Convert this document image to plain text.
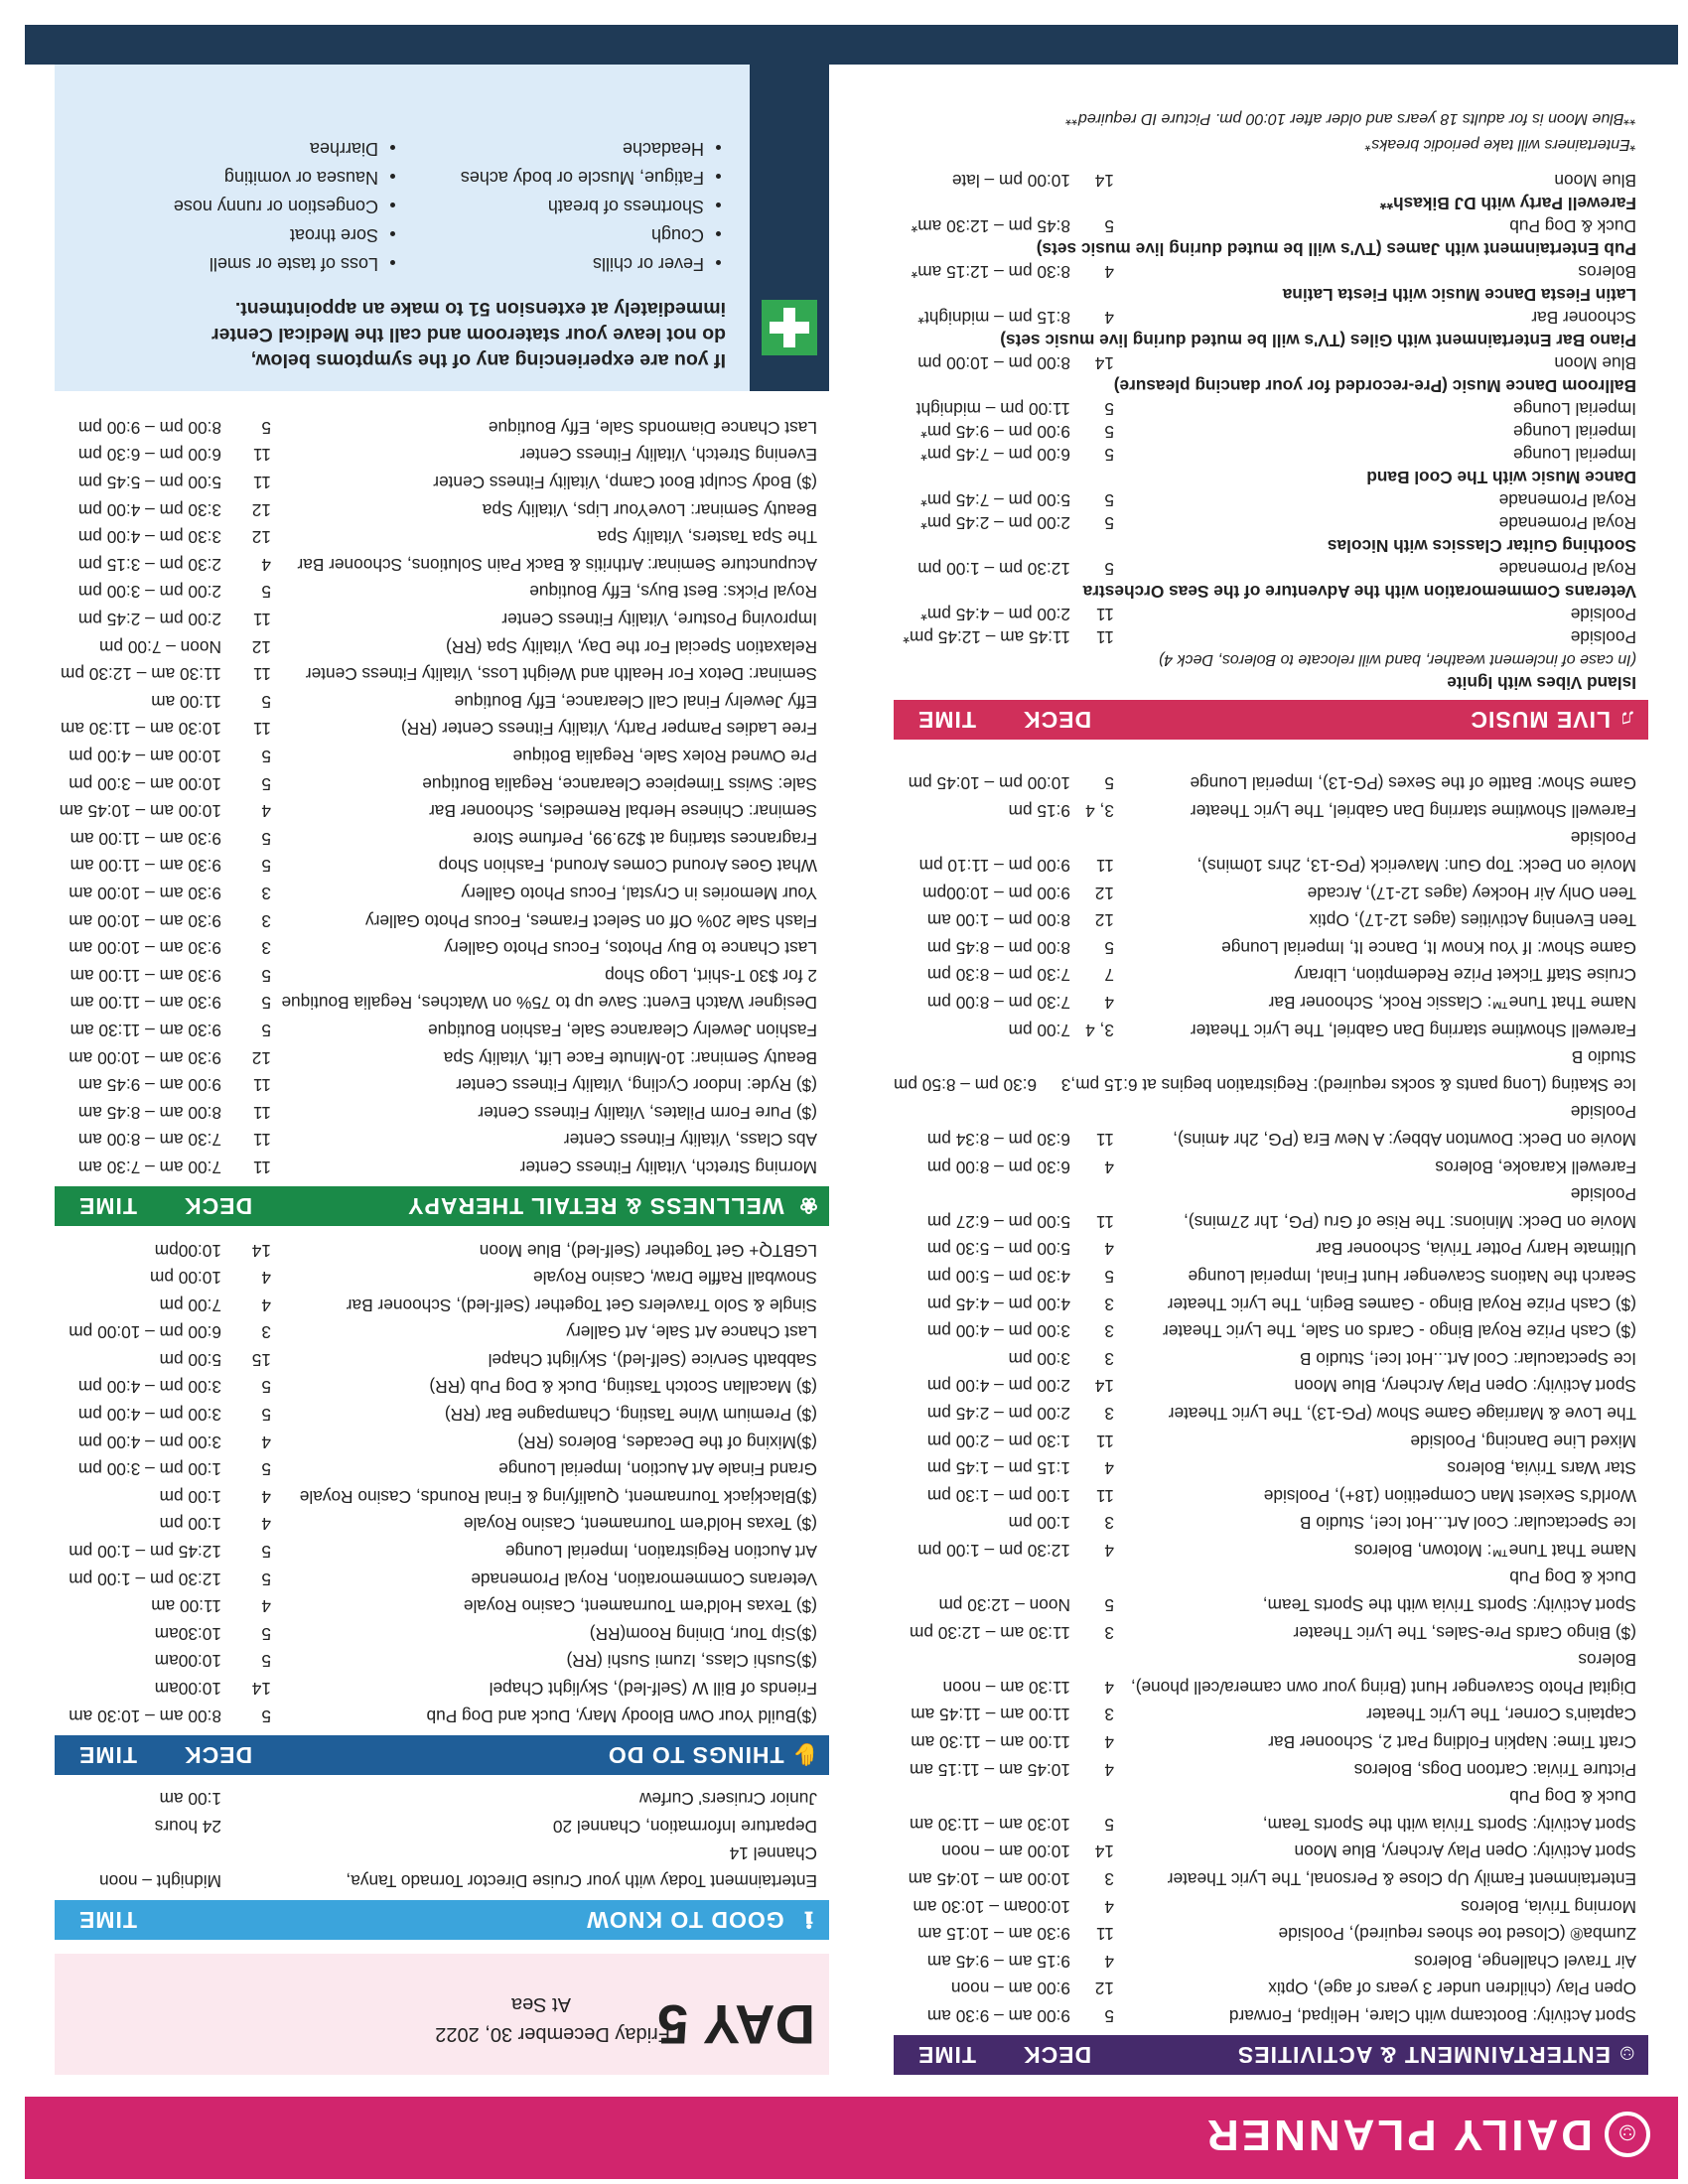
☺
DAILY PLANNER
DAY 5
Friday December 30, 2022
At Sea
ℹ GOOD TO KNOW
TIME
Entertainment Today with your Cruise Director Tornado Tanya,
Midnight – noon
Channel 14
Departure Information, Channel 20
24 hours
Junior Cruisers' Curfew
1:00 am
✋ THINGS TO DO
DECK
TIME
($)Build Your Own Bloody Mary, Duck and Dog Pub
5
8:00 am – 10:30 am
Friends of Bill W (Self-led), Skylight Chapel
14
10:00am
($)Sushi Class, Izumi Sushi (RR)
5
10:00am
($)Sip Tour, Dining Room(RR)
5
10:30am
($) Texas Hold'em Tournament, Casino Royale
4
11:00 am
Veterans Commemoration, Royal Promenade
5
12:30 pm – 1:00 pm
Art Auction Registration, Imperial Lounge
5
12:45 pm – 1:00 pm
($) Texas Hold'em Tournament, Casino Royale
4
1:00 pm
($)Blackjack Tournament, Qualifying & Final Rounds, Casino Royale
4
1:00 pm
Grand Finale Art Auction, Imperial Lounge
5
1:00 pm – 3:00 pm
($)Mixing of the Decades, Boleros (RR)
4
3:00 pm – 4:00 pm
($) Premium Wine Tasting, Champagne Bar (RR)
5
3:00 pm – 4:00 pm
($) Macallan Scotch Tasting, Duck & Dog Pub (RR)
5
3:00 pm – 4:00 pm
Sabbath Service (Self-led), Skylight Chapel
15
5:00 pm
Last Chance Art Sale, Art Gallery
3
6:00 pm – 10:00 pm
Single & Solo Travelers Get Together (Self-led), Schooner Bar
4
7:00 pm
Snowball Raffle Draw, Casino Royale
4
10:00 pm
LGBTQ+ Get Together (Self-led), Blue Moon
14
10:00pm
❀ WELLNESS & RETAIL THERAPY
DECK
TIME
Morning Stretch, Vitality Fitness Center
11
7:00 am – 7:30 am
Abs Class, Vitality Fitness Center
11
7:30 am – 8:00 am
($) Pure Form Pilates, Vitality Fitness Center
11
8:00 am – 8:45 am
($) Ryde: Indoor Cycling, Vitality Fitness Center
11
9:00 am – 9:45 am
Beauty Seminar: 10-Minute Face Lift, Vitality Spa
12
9:30 am – 10:00 am
Fashion Jewelry Clearance Sale, Fashion Boutique
5
9:30 am – 11:30 am
Designer Watch Event: Save up to 75% on Watches, Regalia Boutique
5
9:30 am – 11:00 am
2 for $30 T-shirt, Logo Shop
5
9:30 am – 11:00 am
Last Chance to Buy Photos, Focus Photo Gallery
3
9:30 am – 10:00 am
Flash Sale 20% Off on Select Frames, Focus Photo Gallery
3
9:30 am – 10:00 am
Your Memories in Crystal, Focus Photo Gallery
3
9:30 am – 10:00 am
What Goes Around Comes Around, Fashion Shop
5
9:30 am – 11:00 am
Fragrances starting at $29.99, Perfume Store
5
9:30 am – 11:00 am
Seminar: Chinese Herbal Remedies, Schooner Bar
4
10:00 am – 10:45 am
Sale: Swiss Timepiece Clearance, Regalia Boutique
5
10:00 am – 3:00 pm
Pre Owned Rolex Sale, Regalia Botique
5
10:00 am – 4:00 pm
Free Ladies Pamper Party, Vitality Fitness Center (RR)
11
10:30 am – 11:30 am
Effy Jewelry Final Call Clearance, Effy Boutique
5
11:00 am
Seminar: Detox For Health and Weight Loss, Vitality Fitness Center
11
11:30 am – 12:30 pm
Relaxation Special For the Day, Vitality Spa (RR)
12
Noon – 7:00 pm
Improving Posture, Vitality Fitness Center
11
2:00 pm – 2:45 pm
Royal Picks: Best Buys, Effy Boutique
5
2:00 pm – 3:00 pm
Acupuncture Seminar: Arthritis & Back Pain Solutions, Schooner Bar
4
2:30 pm – 3:15 pm
The Spa Tasters, Vitality Spa
12
3:30 pm – 4:00 pm
Beauty Seminar: LoveYour Lips, Vitality Spa
12
3:30 pm – 4:00 pm
($) Body Sculpt Boot Camp, Vitality Fitness Center
11
5:00 pm – 5:45 pm
Evening Stretch, Vitality Fitness Center
11
6:00 pm – 6:30 pm
Last Chance Diamonds Sale, Effy Boutique
5
8:00 pm – 9:00 pm
If you are experiencing any of the symptoms below,
do not leave your stateroom and call the Medical Center
immediately at extension 51 to make an appointment.
• Fever or chills
• Cough
• Shortness of breath
• Fatigue, Muscle or body aches
• Headache
• Loss of taste or smell
• Sore throat
• Congestion or runny nose
• Nausea or vomiting
• Diarrhea
☺ENTERTAINMENT & ACTIVITIES
DECK
TIME
Sport Activity: Bootcamp with Clare, Helipad, Forward
5
9:00 am – 9:30 am
Open Play (children under 3 years of age), Optix
12
9:00 am – noon
Air Travel Challenge, Boleros
4
9:15 am – 9:45 am
Zumba® (Closed toe shoes required), Poolside
11
9:30 am – 10:15 am
Morning Trivia, Boleros
4
10:00am – 10:30 am
Entertainment Family Up Close & Personal, The Lyric Theater
3
10:00 am – 10:45 am
Sport Activity: Open Play Archery, Blue Moon
14
10:00 am – noon
Sport Activity: Sports Trivia with the Sports Team,
5
10:30 am – 11:30 am
Duck & Dog Pub
Picture Trivia: Cartoon Dogs, Boleros
4
10:45 am – 11:15 am
Craft Time: Napkin Folding Part 2, Schooner Bar
4
11:00 am – 11:30 am
Captain's Corner, The Lyric Theater
3
11:00 am – 11:45 am
Digital Photo Scavenger Hunt (Bring your own camera/cell phone),
4
11:30 am – noon
Boleros
($) Bingo Cards Pre-Sales, The Lyric Theater
3
11:30 am – 12:30 pm
Sport Activity: Sports Trivia with the Sports Team,
5
Noon – 12:30 pm
Duck & Dog Pub
Name That Tune™: Motown, Boleros
4
12:30 pm – 1:00 pm
Ice Spectacular: Cool Art...Hot Ice!, Studio B
3
1:00 pm
World's Sexiest Man Competition (18+), Poolside
11
1:00 pm – 1:30 pm
Star Wars Trivia, Boleros
4
1:15 pm – 1:45 pm
Mixed Line Dancing, Poolside
11
1:30 pm – 2:00 pm
The Love & Marriage Game Show (PG-13), The Lyric Theater
3
2:00 pm – 2:45 pm
Sport Activity: Open Play Archery, Blue Moon
14
2:00 pm – 4:00 pm
Ice Spectacular: Cool Art...Hot Ice!, Studio B
3
3:00 pm
($) Cash Prize Royal Bingo - Cards on Sale, The Lyric Theater
3
3:00 pm – 4:00 pm
($) Cash Prize Royal Bingo - Games Begin, The Lyric Theater
3
4:00 pm – 4:45 pm
Search the Nations Scavenger Hunt Final, Imperial Lounge
5
4:30 pm – 5:00 pm
Ultimate Harry Potter Trivia, Schooner Bar
4
5:00 pm – 5:30 pm
Movie on Deck: Minions: The Rise of Gru (PG, 1hr 27mins),
11
5:00 pm – 6:27 pm
Poolside
Farewell Karaoke, Boleros
4
6:30 pm – 8:00 pm
Movie on Deck: Downton Abbey: A New Era (PG, 2hr 4mins),
11
6:30 pm – 8:34 pm
Poolside
Ice Skating (Long pants & socks required): Registration begins at 6:15 pm,
3
6:30 pm – 8:50 pm
Studio B
Farewell Showtime starring Dan Gabriel, The Lyric Theater
3, 4
7:00 pm
Name That Tune™: Classic Rock, Schooner Bar
4
7:30 pm – 8:00 pm
Cruise Staff Ticket Prize Redemption, Library
7
7:30 pm – 8:30 pm
Game Show: If You Know It, Dance It, Imperial Lounge
5
8:00 pm – 8:45 pm
Teen Evening Activities (ages 12-17), Optix
12
8:00 pm – 1:00 am
Teen Only Air Hockey (ages 12-17), Arcade
12
9:00 pm – 10:00pm
Movie on Deck: Top Gun: Maverick (PG-13, 2hrs 10mins),
11
9:00 pm – 11:10 pm
Poolside
Farewell Showtime starring Dan Gabriel, The Lyric Theater
3, 4
9:15 pm
Game Show: Battle of the Sexes (PG-13), Imperial Lounge
5
10:00 pm – 10:45 pm
♫LIVE MUSIC
DECK
TIME
Island Vibes with Ignite
(In case of inclement weather, band will relocate to Boleros, Deck 4)
Poolside
11
11:45 am – 12:45 pm*
Poolside
11
2:00 pm – 4:45 pm*
Veterans Commemoration with the Adventure of the Seas Orchestra
Royal Promenade
5
12:30 pm – 1:00 pm
Soothing Guitar Classics with Nicolas
Royal Promenade
5
2:00 pm – 2:45 pm*
Royal Promenade
5
5:00 pm – 7:45 pm*
Dance Music with The Cool Band
Imperial Lounge
5
6:00 pm – 7:45 pm*
Imperial Lounge
5
9:00 pm – 9:45 pm*
Imperial Lounge
5
11:00 pm – midnight
Ballroom Dance Music (Pre-recorded for your dancing pleasure)
Blue Moon
14
8:00 pm – 10:00 pm
Piano Bar Entertainment with Giles (TV's will be muted during live music sets)
Schooner Bar
4
8:15 pm – midnight*
Latin Fiesta Dance Music with Fiesta Latina
Boleros
4
8:30 pm – 12:15 am*
Pub Entertainment with James (TV's will be muted during live music sets)
Duck & Dog Pub
5
8:45 pm – 12:30 am*
Farewell Party with DJ Bikash**
Blue Moon
14
10:00 pm – late
*Entertainers will take periodic breaks*
**Blue Moon is for adults 18 years and older after 10:00 pm. Picture ID required**
